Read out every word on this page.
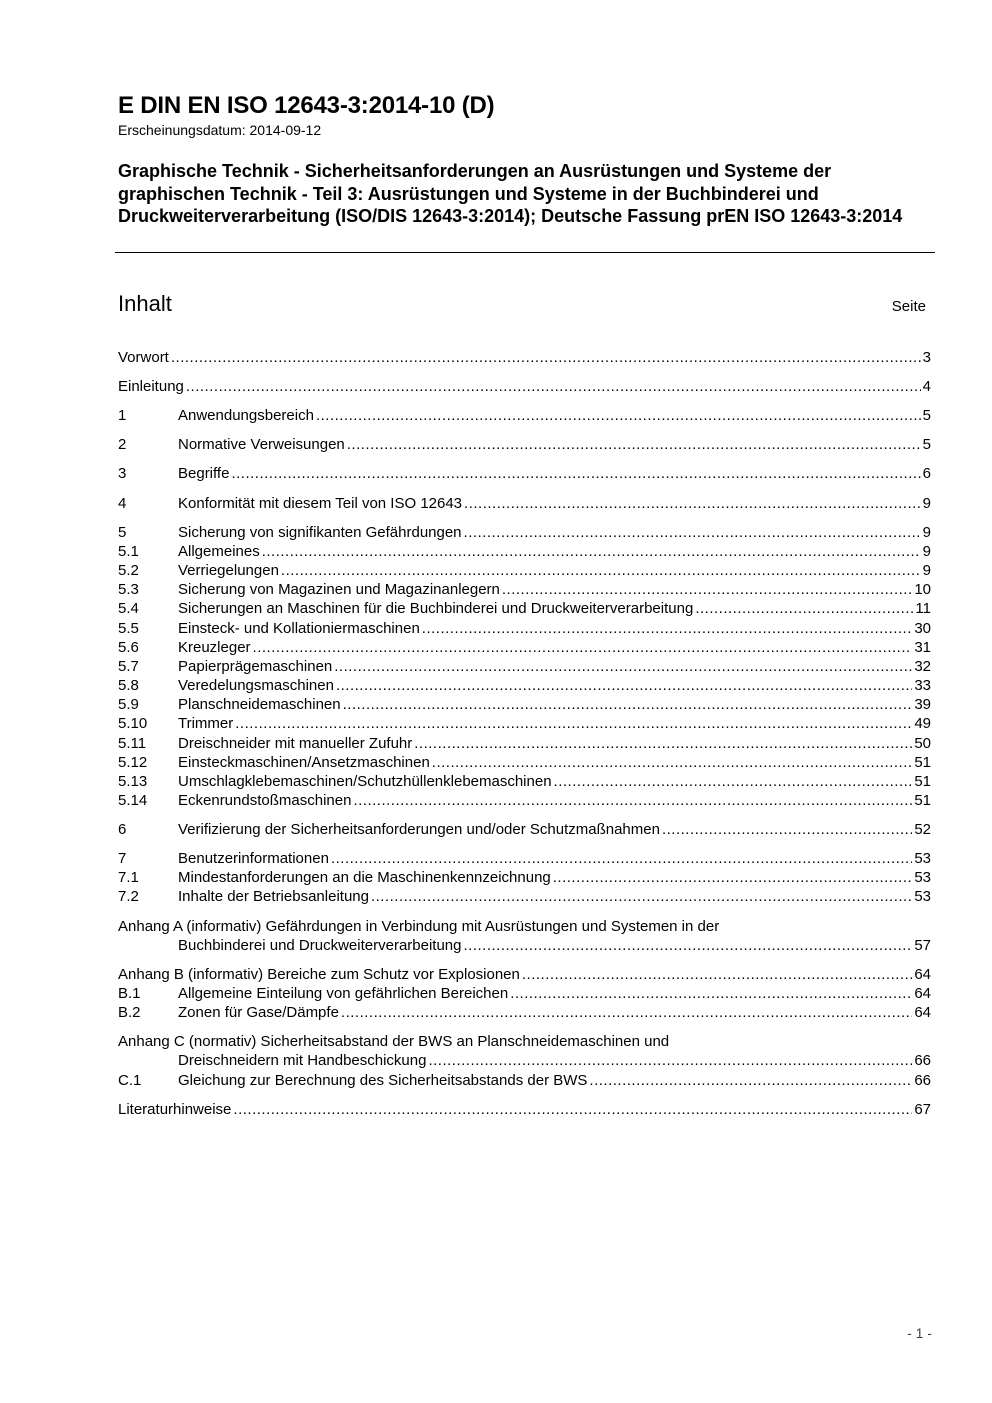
E DIN EN ISO 12643-3:2014-10 (D)
Erscheinungsdatum: 2014-09-12
Graphische Technik - Sicherheitsanforderungen an Ausrüstungen und Systeme der graphischen Technik - Teil 3: Ausrüstungen und Systeme in der Buchbinderei und Druckweiterverarbeitung (ISO/DIS 12643-3:2014); Deutsche Fassung prEN ISO 12643-3:2014
Inhalt	Seite
Vorwort .....	3
Einleitung .....	4
1	Anwendungsbereich .....	5
2	Normative Verweisungen .....	5
3	Begriffe .....	6
4	Konformität mit diesem Teil von ISO 12643 .....	9
5	Sicherung von signifikanten Gefährdungen .....	9
5.1	Allgemeines .....	9
5.2	Verriegelungen .....	9
5.3	Sicherung von Magazinen und Magazinanlegern .....	10
5.4	Sicherungen an Maschinen für die Buchbinderei und Druckweiterverarbeitung .....	11
5.5	Einsteck- und Kollationiermaschinen .....	30
5.6	Kreuzleger .....	31
5.7	Papierprägemaschinen .....	32
5.8	Veredelungsmaschinen .....	33
5.9	Planschneidemaschinen .....	39
5.10 Trimmer .....	49
5.11 Dreischneider mit manueller Zufuhr .....	50
5.12 Einsteckmaschinen/Ansetzmaschinen .....	51
5.13 Umschlagklebemaschinen/Schutzhüllenklebemaschinen .....	51
5.14 Eckenrundstoßmaschinen .....	51
6	Verifizierung der Sicherheitsanforderungen und/oder Schutzmaßnahmen .....	52
7	Benutzerinformationen .....	53
7.1	Mindestanforderungen an die Maschinenkennzeichnung .....	53
7.2	Inhalte der Betriebsanleitung .....	53
Anhang A (informativ) Gefährdungen in Verbindung mit Ausrüstungen und Systemen in der
Buchbinderei und Druckweiterverarbeitung .....	57
Anhang B (informativ) Bereiche zum Schutz vor Explosionen .....	64
B.1 Allgemeine Einteilung von gefährlichen Bereichen .....	64
B.2 Zonen für Gase/Dämpfe .....	64
Anhang C (normativ) Sicherheitsabstand der BWS an Planschneidemaschinen und
Dreischneidern mit Handbeschickung .....	66
C.1 Gleichung zur Berechnung des Sicherheitsabstands der BWS .....	66
Literaturhinweise .....	67
- 1 -
